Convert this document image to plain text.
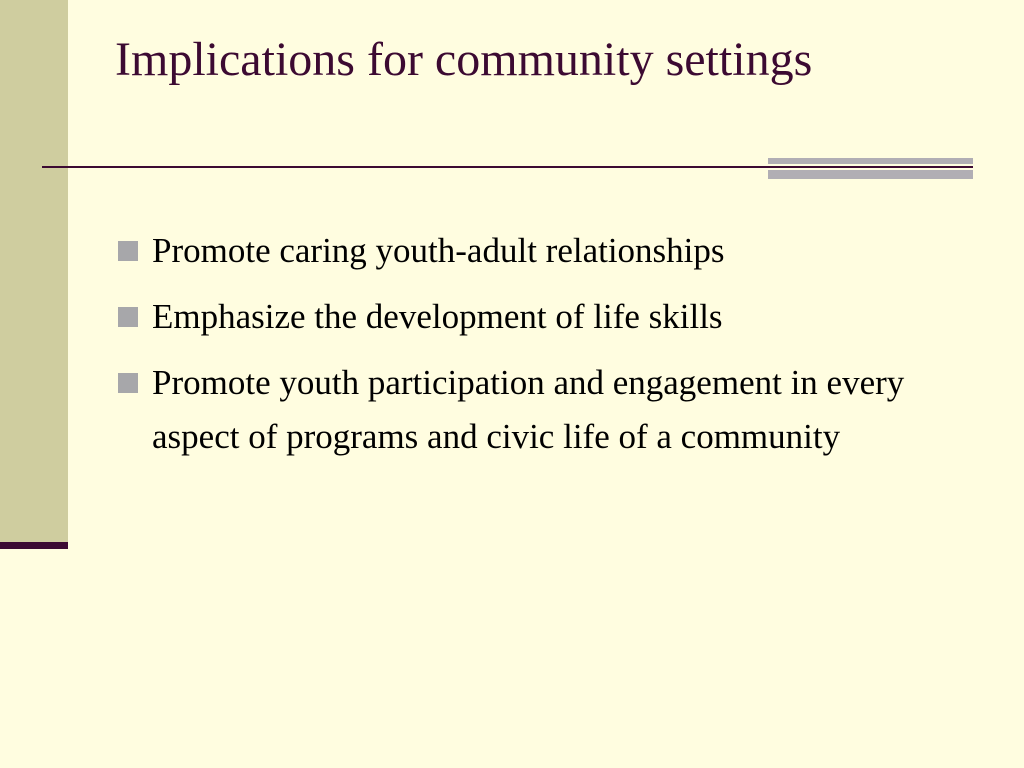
Implications for community settings
Promote caring youth-adult relationships
Emphasize the development of life skills
Promote youth participation and engagement in every aspect of programs and civic life of a community
